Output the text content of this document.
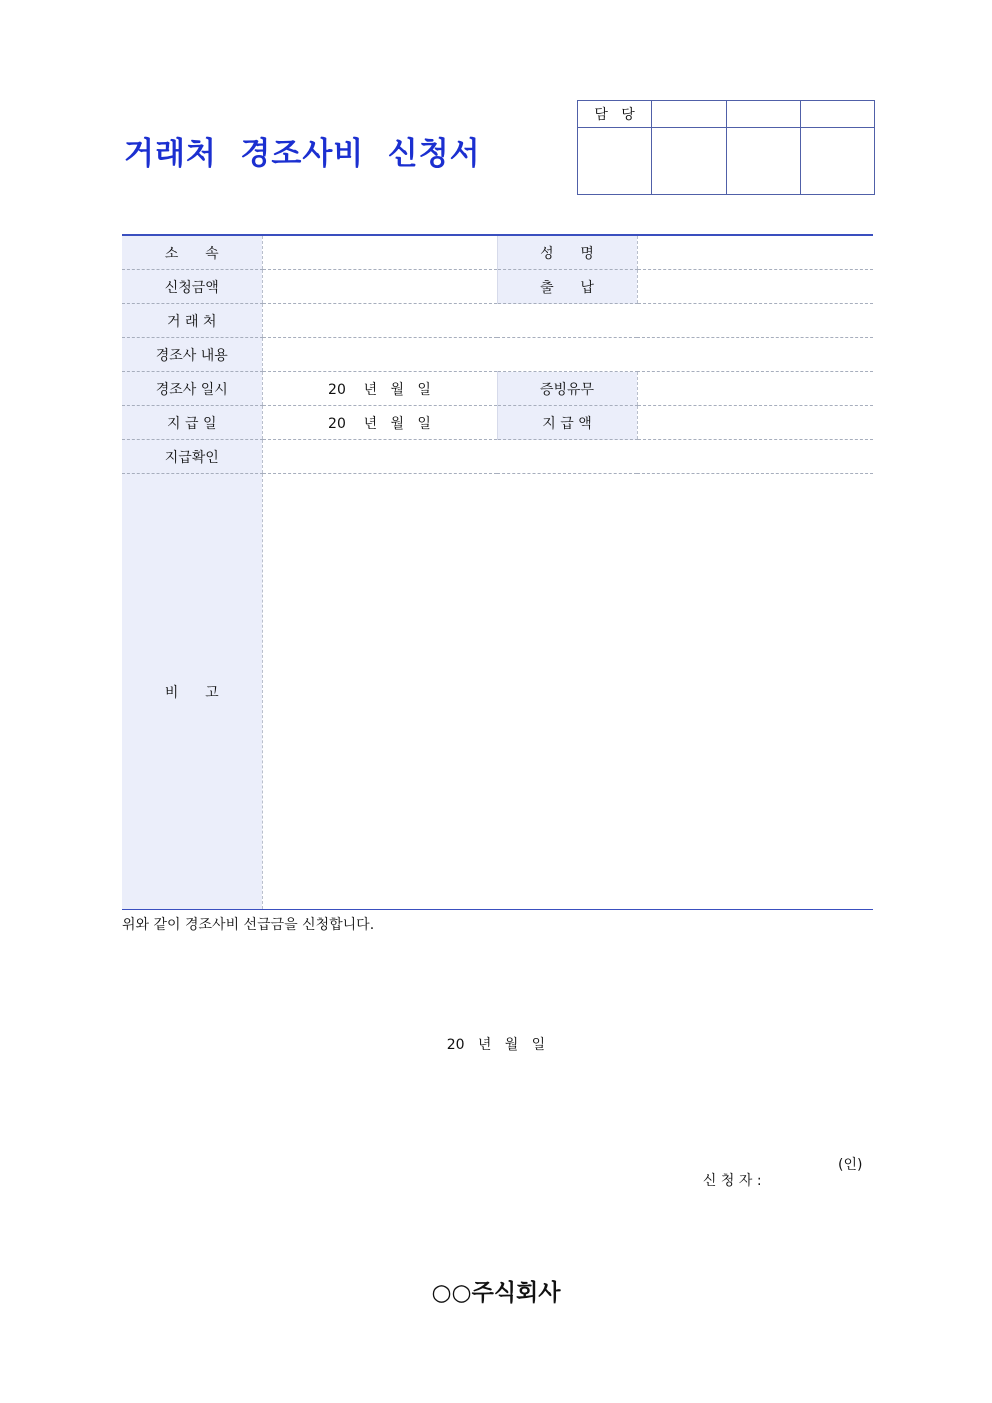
거래처  경조사비  신청서
담   당			

소      속		성      명	
신청금액		출      납	
거 래 처			
경조사 내용			
경조사 일시	20    년   월   일	증빙유무	
지 급 일	20    년   월   일	지 급 액	
지급확인			
비      고			

위와 같이 경조사비 선급금을 신청합니다.

20   년   월   일

신 청 자 :

(인)

○○주식회사
